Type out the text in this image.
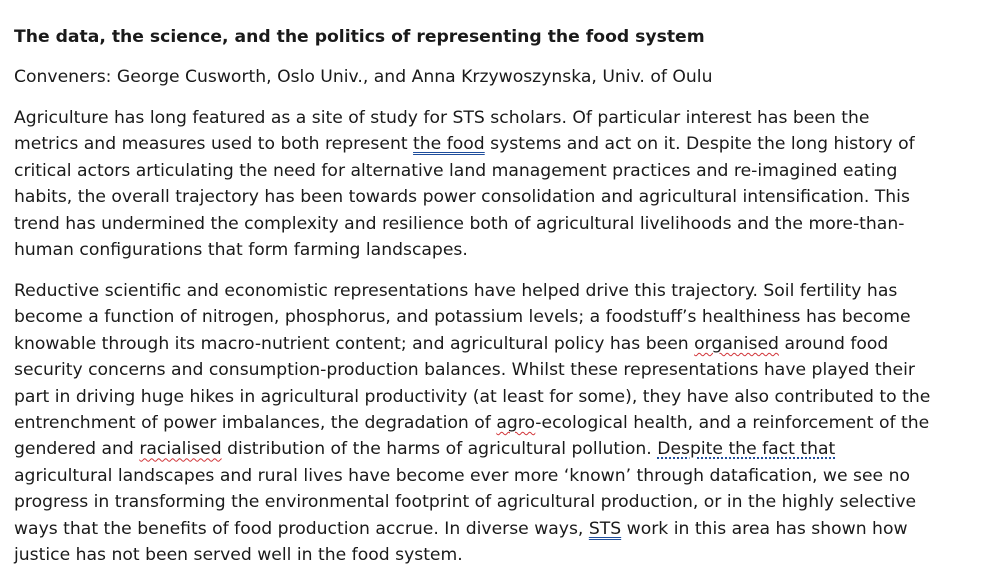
The data, the science, and the politics of representing the food system

Conveners: George Cusworth, Oslo Univ., and Anna Krzywoszynska, Univ. of Oulu

Agriculture has long featured as a site of study for STS scholars. Of particular interest has been the
metrics and measures used to both represent the food systems and act on it. Despite the long history of
critical actors articulating the need for alternative land management practices and re-imagined eating
habits, the overall trajectory has been towards power consolidation and agricultural intensification. This
trend has undermined the complexity and resilience both of agricultural livelihoods and the more-than-
human configurations that form farming landscapes.
Reductive scientific and economistic representations have helped drive this trajectory. Soil fertility has
become a function of nitrogen, phosphorus, and potassium levels; a foodstuff’s healthiness has become
knowable through its macro-nutrient content; and agricultural policy has been organised around food
security concerns and consumption-production balances. Whilst these representations have played their
part in driving huge hikes in agricultural productivity (at least for some), they have also contributed to the
entrenchment of power imbalances, the degradation of agro-ecological health, and a reinforcement of the
gendered and racialised distribution of the harms of agricultural pollution. Despite the fact that
agricultural landscapes and rural lives have become ever more ‘known’ through datafication, we see no
progress in transforming the environmental footprint of agricultural production, or in the highly selective
ways that the benefits of food production accrue. In diverse ways, STS work in this area has shown how
justice has not been served well in the food system.
